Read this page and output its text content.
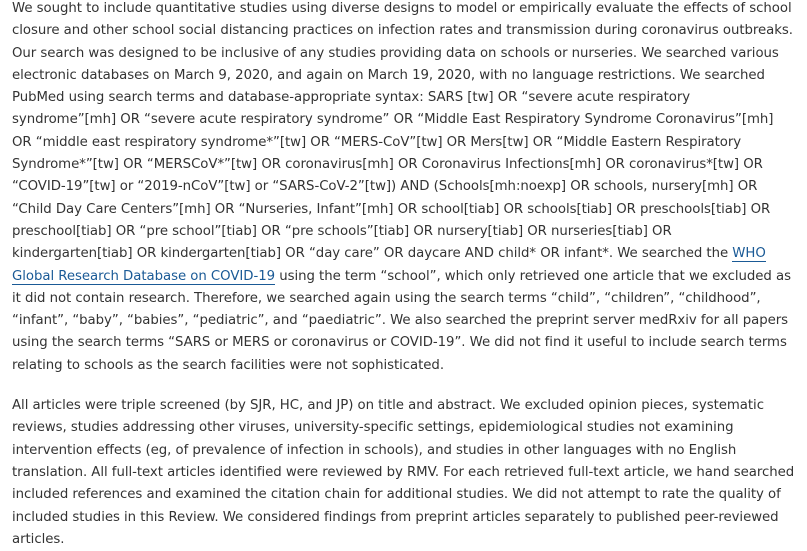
We sought to include quantitative studies using diverse designs to model or empirically evaluate the effects of school closure and other school social distancing practices on infection rates and transmission during coronavirus outbreaks. Our search was designed to be inclusive of any studies providing data on schools or nurseries. We searched various electronic databases on March 9, 2020, and again on March 19, 2020, with no language restrictions. We searched PubMed using search terms and database-appropriate syntax: SARS [tw] OR “severe acute respiratory syndrome”[mh] OR “severe acute respiratory syndrome” OR “Middle East Respiratory Syndrome Coronavirus”[mh] OR “middle east respiratory syndrome*”[tw] OR “MERS-CoV”[tw] OR Mers[tw] OR “Middle Eastern Respiratory Syndrome*”[tw] OR “MERSCoV*”[tw] OR coronavirus[mh] OR Coronavirus Infections[mh] OR coronavirus*[tw] OR “COVID-19”[tw] or “2019-nCoV”[tw] or “SARS-CoV-2”[tw]) AND (Schools[mh:noexp] OR schools, nursery[mh] OR “Child Day Care Centers”[mh] OR “Nurseries, Infant”[mh] OR school[tiab] OR schools[tiab] OR preschools[tiab] OR preschool[tiab] OR “pre school”[tiab] OR “pre schools”[tiab] OR nursery[tiab] OR nurseries[tiab] OR kindergarten[tiab] OR kindergarten[tiab] OR “day care” OR daycare AND child* OR infant*. We searched the WHO Global Research Database on COVID-19 using the term “school”, which only retrieved one article that we excluded as it did not contain research. Therefore, we searched again using the search terms “child”, “children”, “childhood”, “infant”, “baby”, “babies”, “pediatric”, and “paediatric”. We also searched the preprint server medRxiv for all papers using the search terms “SARS or MERS or coronavirus or COVID-19”. We did not find it useful to include search terms relating to schools as the search facilities were not sophisticated.

All articles were triple screened (by SJR, HC, and JP) on title and abstract. We excluded opinion pieces, systematic reviews, studies addressing other viruses, university-specific settings, epidemiological studies not examining intervention effects (eg, of prevalence of infection in schools), and studies in other languages with no English translation. All full-text articles identified were reviewed by RMV. For each retrieved full-text article, we hand searched included references and examined the citation chain for additional studies. We did not attempt to rate the quality of included studies in this Review. We considered findings from preprint articles separately to published peer-reviewed articles.
